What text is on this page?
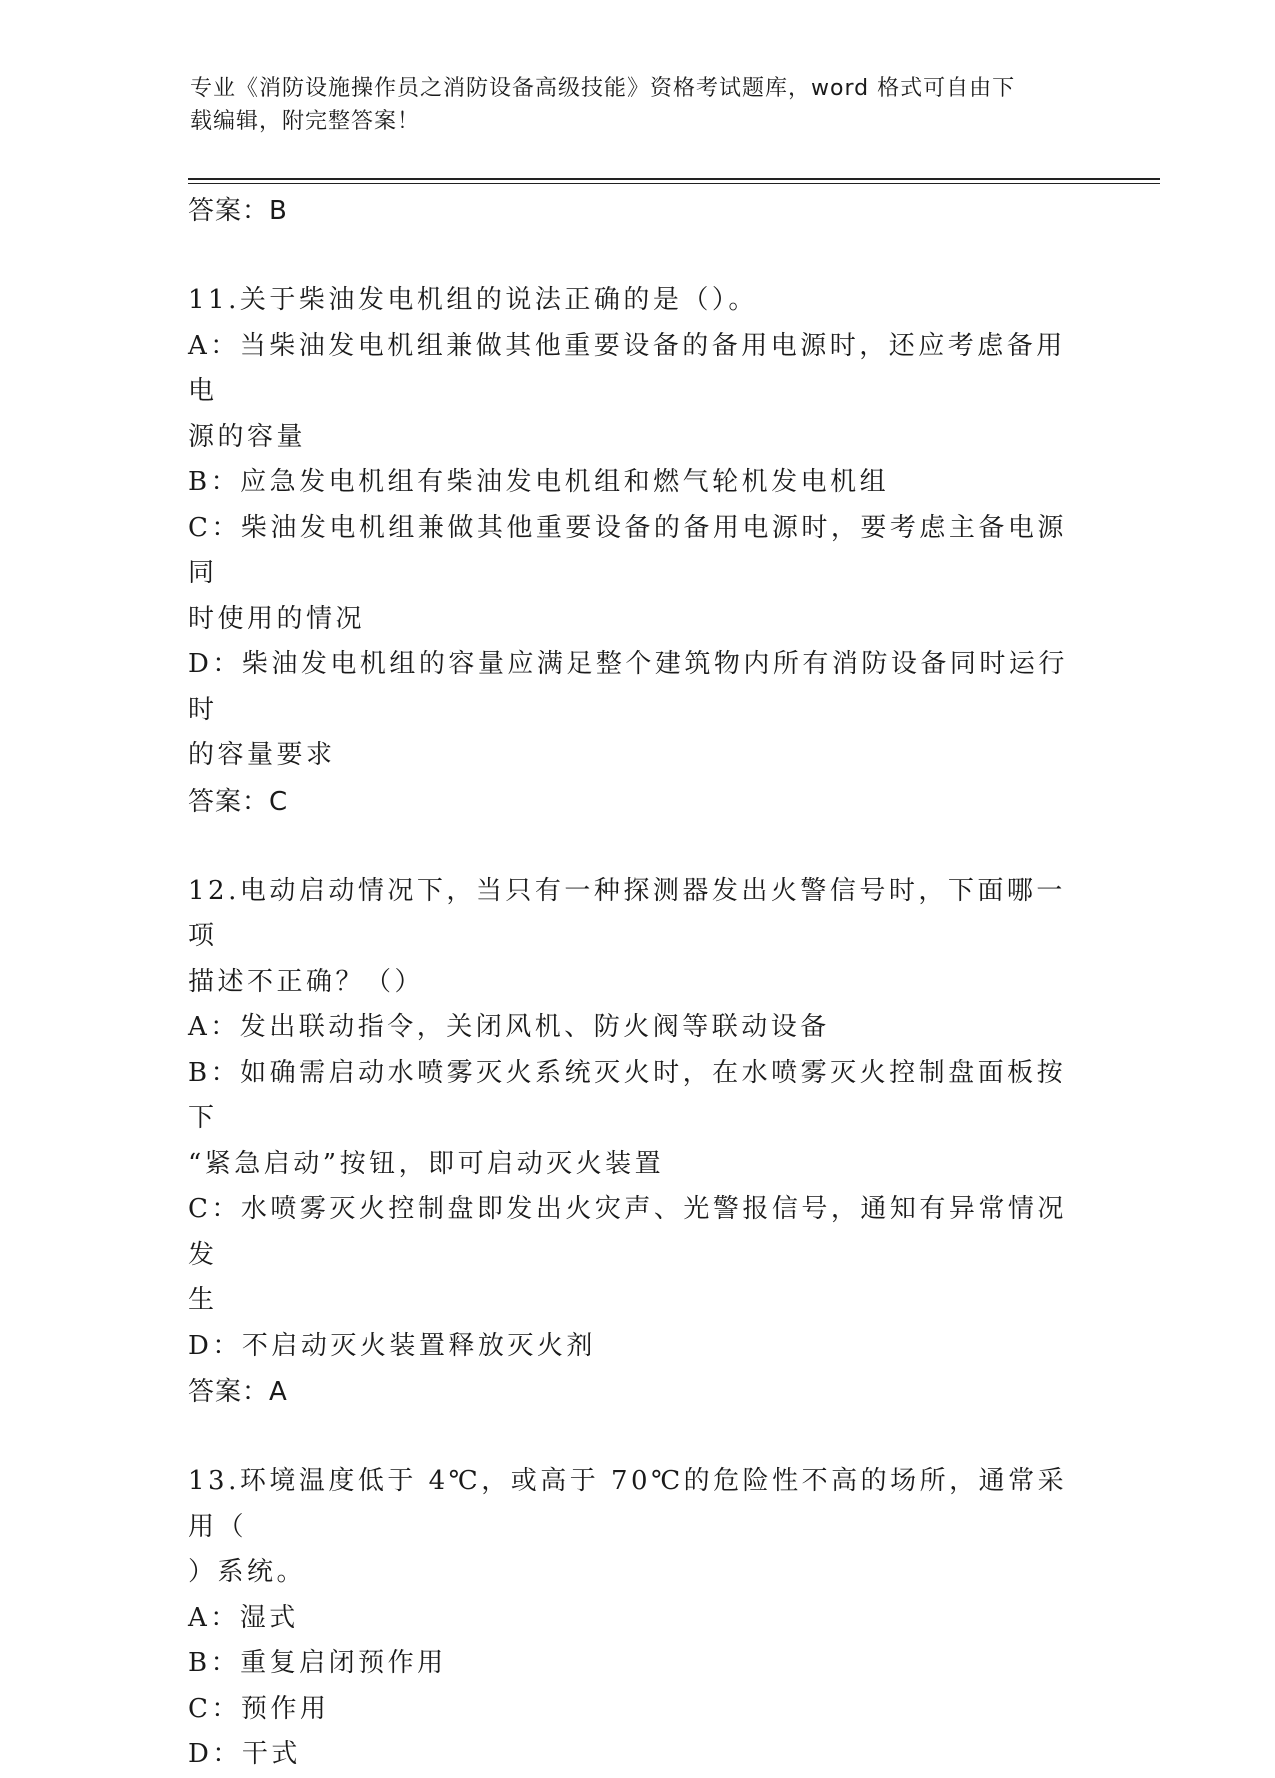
专业《消防设施操作员之消防设备高级技能》资格考试题库，word 格式可自由下
载编辑，附完整答案！
答案：B
11.关于柴油发电机组的说法正确的是（）。
A：当柴油发电机组兼做其他重要设备的备用电源时，还应考虑备用电
源的容量
B：应急发电机组有柴油发电机组和燃气轮机发电机组
C：柴油发电机组兼做其他重要设备的备用电源时，要考虑主备电源同
时使用的情况
D：柴油发电机组的容量应满足整个建筑物内所有消防设备同时运行时
的容量要求
答案：C
12.电动启动情况下，当只有一种探测器发出火警信号时，下面哪一项
描述不正确？（）
A：发出联动指令，关闭风机、防火阀等联动设备
B：如确需启动水喷雾灭火系统灭火时，在水喷雾灭火控制盘面板按下
“紧急启动”按钮，即可启动灭火装置
C：水喷雾灭火控制盘即发出火灾声、光警报信号，通知有异常情况发
生
D：不启动灭火装置释放灭火剂
答案：A
13.环境温度低于 4℃，或高于 70℃的危险性不高的场所，通常采用（
）系统。
A：湿式
B：重复启闭预作用
C：预作用
D：干式
